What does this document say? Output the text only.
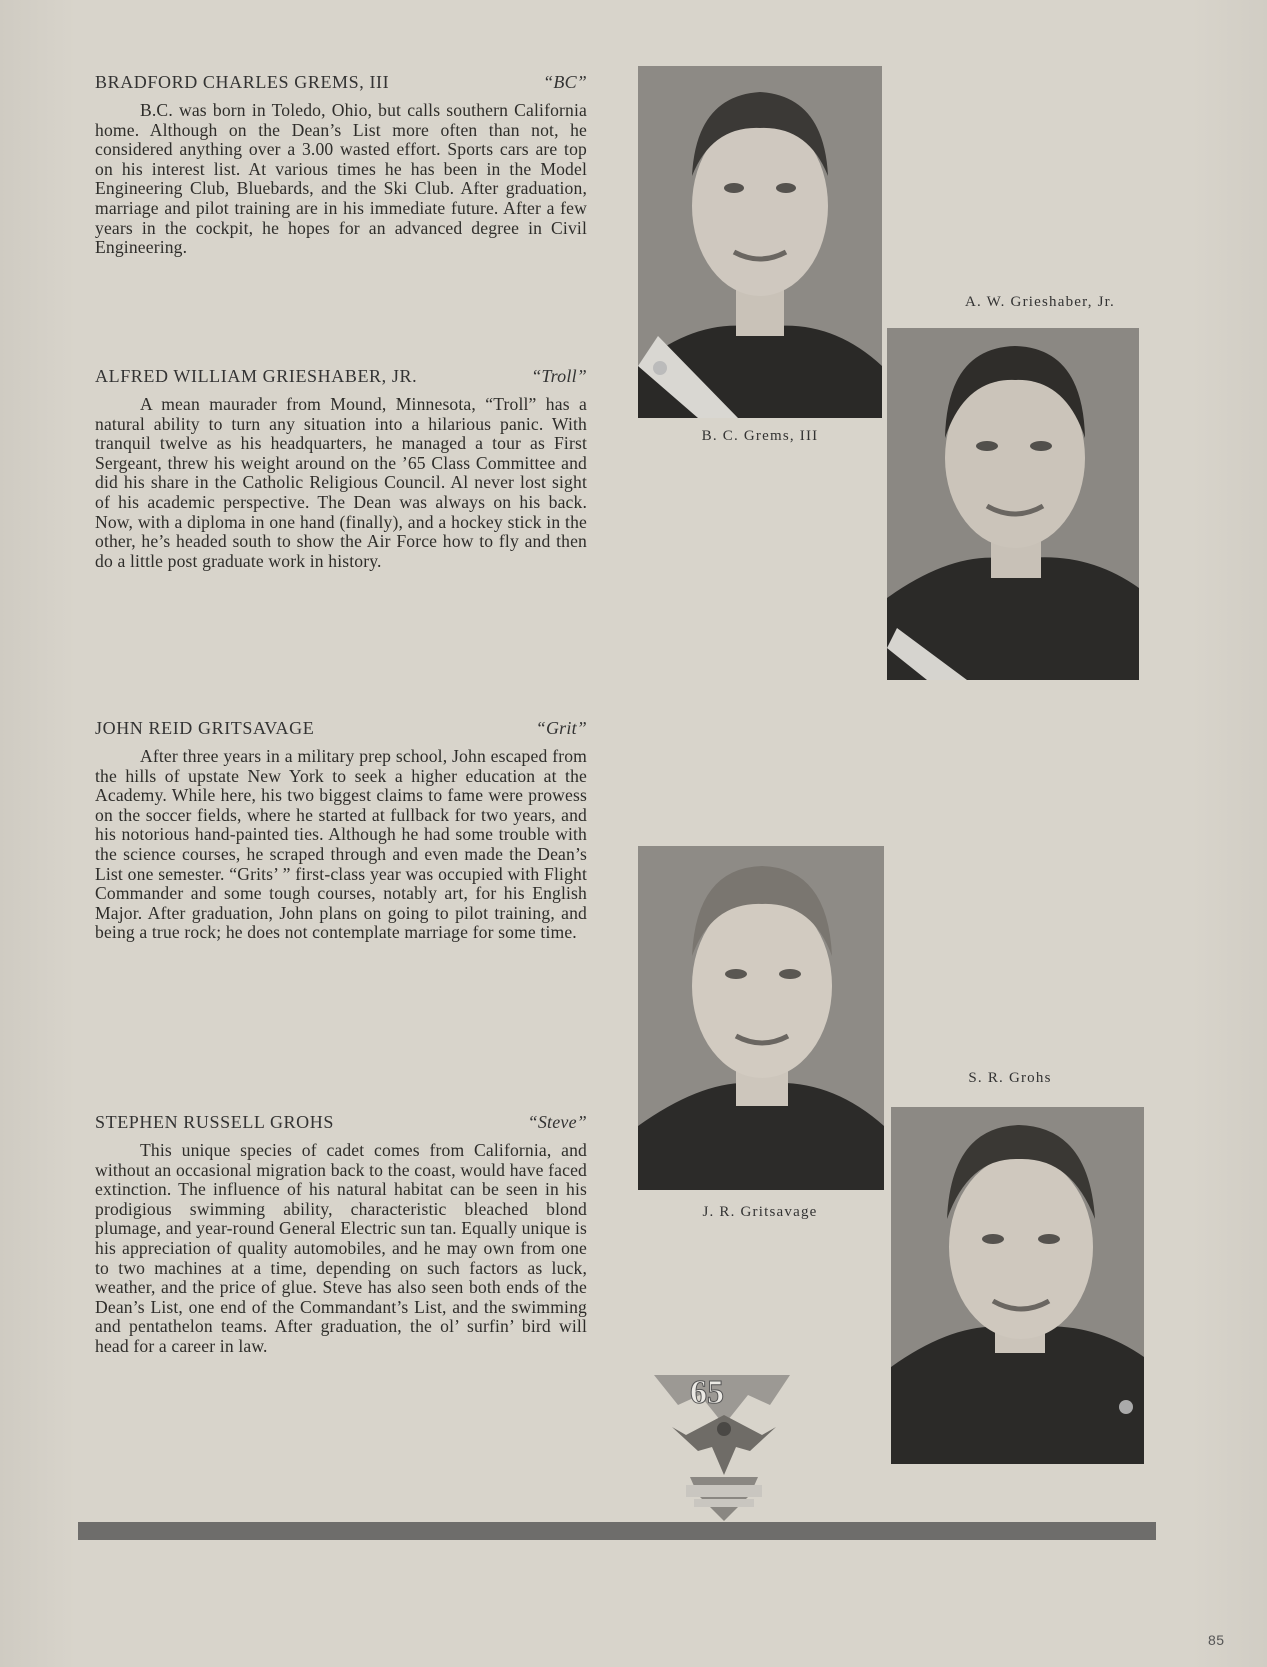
BRADFORD CHARLES GREMS, III	“BC”

B.C. was born in Toledo, Ohio, but calls southern California home. Although on the Dean’s List more often than not, he considered anything over a 3.00 wasted effort. Sports cars are top on his interest list. At various times he has been in the Model Engineering Club, Bluebards, and the Ski Club. After graduation, marriage and pilot training are in his immediate future. After a few years in the cockpit, he hopes for an advanced degree in Civil Engineering.

ALFRED WILLIAM GRIESHABER, JR.	“Troll”

A mean maurader from Mound, Minnesota, “Troll” has a natural ability to turn any situation into a hilarious panic. With tranquil twelve as his headquarters, he managed a tour as First Sergeant, threw his weight around on the ’65 Class Committee and did his share in the Catholic Religious Council. Al never lost sight of his academic perspective. The Dean was always on his back. Now, with a diploma in one hand (finally), and a hockey stick in the other, he’s headed south to show the Air Force how to fly and then do a little post graduate work in history.

JOHN REID GRITSAVAGE	“Grit”

After three years in a military prep school, John escaped from the hills of upstate New York to seek a higher education at the Academy. While here, his two biggest claims to fame were prowess on the soccer fields, where he started at fullback for two years, and his notorious hand-painted ties. Although he had some trouble with the science courses, he scraped through and even made the Dean’s List one semester. “Grits’ ” first-class year was occupied with Flight Commander and some tough courses, notably art, for his English Major. After graduation, John plans on going to pilot training, and being a true rock; he does not contemplate marriage for some time.

STEPHEN RUSSELL GROHS	“Steve”

This unique species of cadet comes from California, and without an occasional migration back to the coast, would have faced extinction. The influence of his natural habitat can be seen in his prodigious swimming ability, characteristic bleached blond plumage, and year-round General Electric sun tan. Equally unique is his appreciation of quality automobiles, and he may own from one to two machines at a time, depending on such factors as luck, weather, and the price of glue. Steve has also seen both ends of the Dean’s List, one end of the Commandant’s List, and the swimming and pentathelon teams. After graduation, the ol’ surfin’ bird will head for a career in law.

B. C. Grems, III
A. W. Grieshaber, Jr.
J. R. Gritsavage
S. R. Grohs
65
85
